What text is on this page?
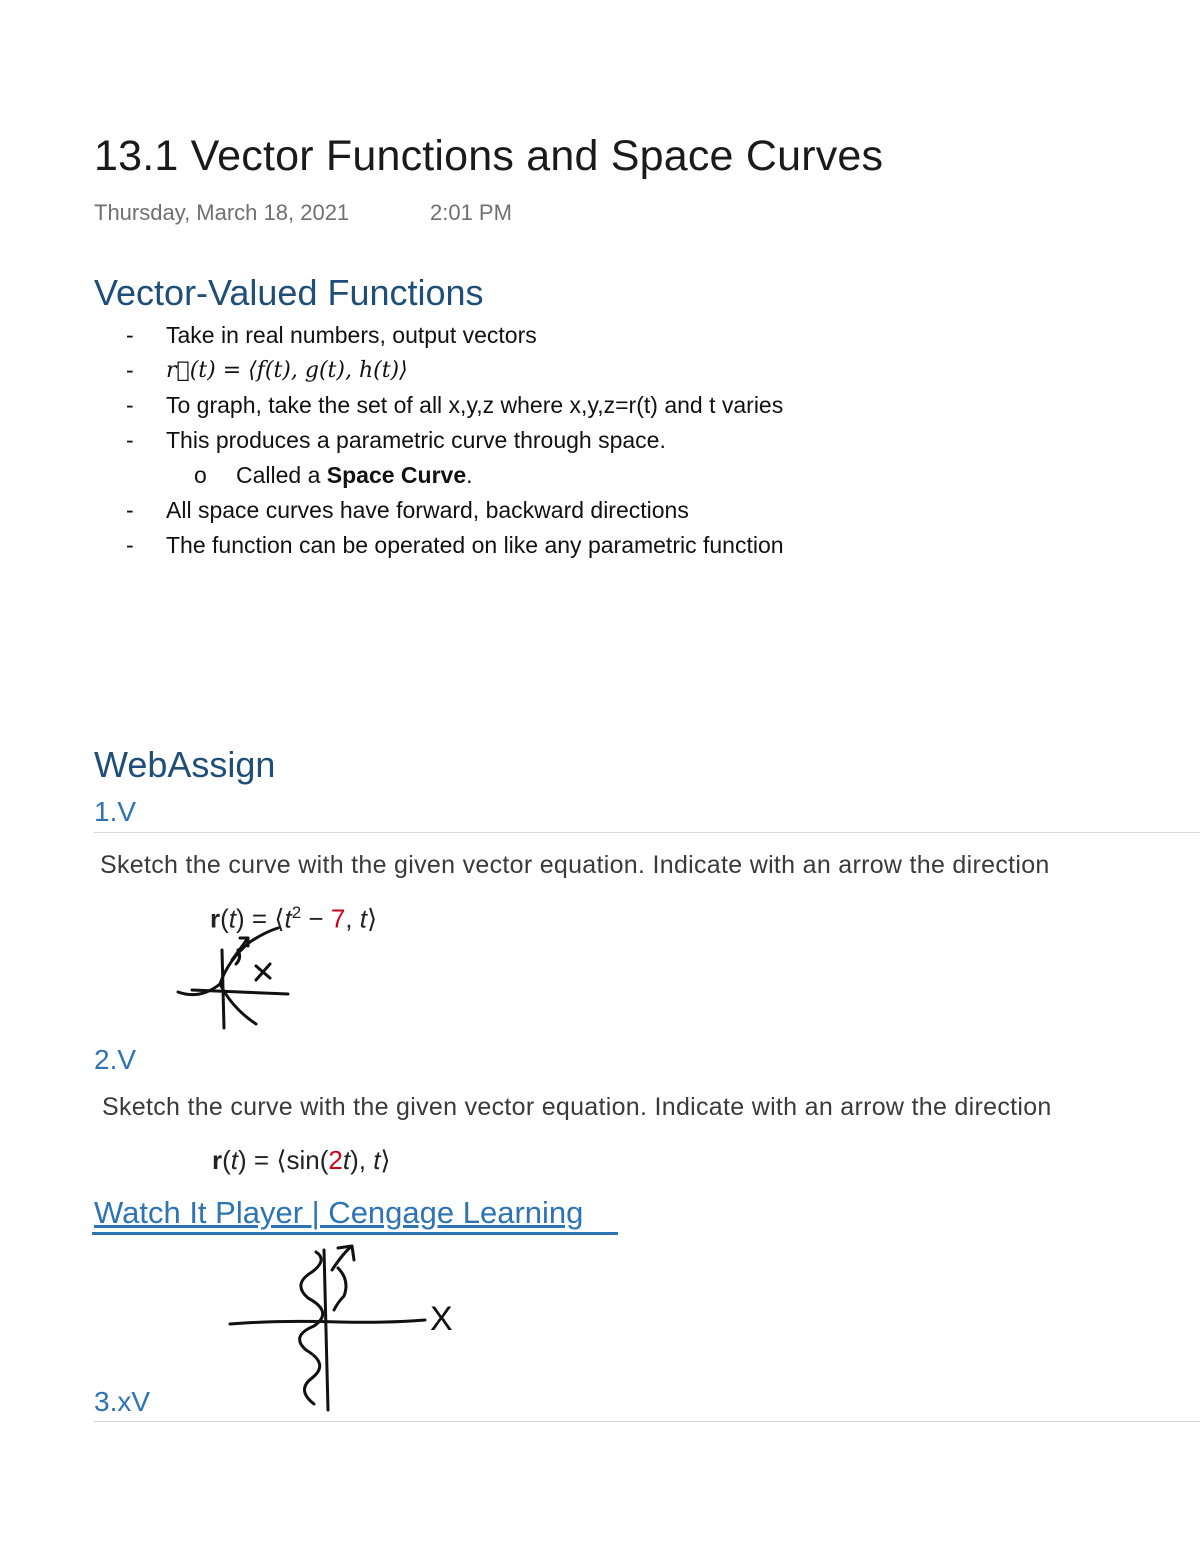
13.1 Vector Functions and Space Curves
Thursday, March 18, 2021	2:01 PM
Vector-Valued Functions
- Take in real numbers, output vectors
- r⃗(t) = ⟨f(t), g(t), h(t)⟩
- To graph, take the set of all x,y,z where x,y,z=r(t) and t varies
- This produces a parametric curve through space.
o Called a Space Curve.
- All space curves have forward, backward directions
- The function can be operated on like any parametric function
WebAssign
1.V
Sketch the curve with the given vector equation. Indicate with an arrow the direction
$r(t) = ⟨t^2 - 7$, t⟩
2.V
Sketch the curve with the given vector equation. Indicate with an arrow the direction
r(t) = ⟨sin(2t), t⟩
Watch It Player | Cengage Learning
X
3.xV
